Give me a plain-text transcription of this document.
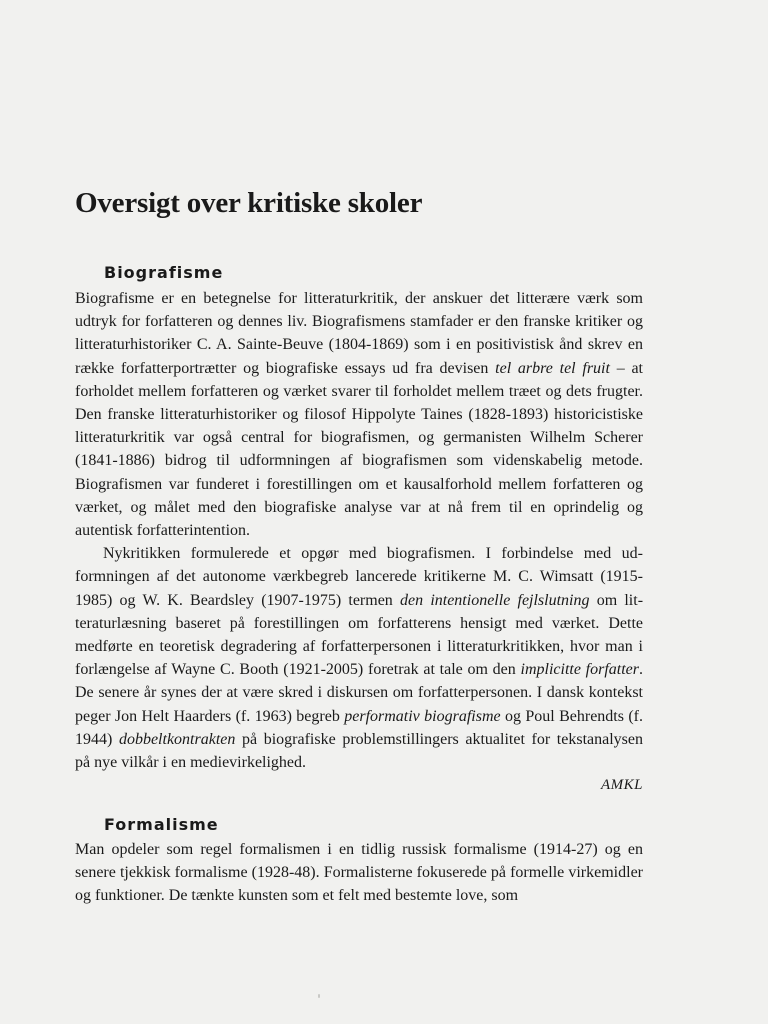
Oversigt over kritiske skoler
Biografisme

Biografisme er en betegnelse for litteraturkritik, der anskuer det litterære værk som udtryk for forfatteren og dennes liv. Biografismens stamfader er den franske kritiker og litteraturhistoriker C. A. Sainte-Beuve (1804-1869) som i en positivistisk ånd skrev en række forfatterportrætter og biografiske essays ud fra devisen tel arbre tel fruit – at forholdet mellem forfatteren og værket svarer til forholdet mellem træet og dets frugter. Den franske litteraturhistoriker og filosof Hippolyte Taines (1828-1893) historicistiske litteraturkritik var også central for biografismen, og germanisten Wilhelm Scherer (1841-1886) bidrog til udformningen af biografismen som videnskabelig metode. Biografismen var funderet i forestillingen om et kausalforhold mellem forfatteren og værket, og målet med den biografiske analyse var at nå frem til en oprindelig og autentisk forfatterintention.

Nykritikken formulerede et opgør med biografismen. I forbindelse med udformningen af det autonome værkbegreb lancerede kritikerne M. C. Wimsatt (1915-1985) og W. K. Beardsley (1907-1975) termen den intentionelle fejlslutning om litteraturlæsning baseret på forestillingen om forfatterens hensigt med værket. Dette medførte en teoretisk degradering af forfatterpersonen i litteraturkritikken, hvor man i forlængelse af Wayne C. Booth (1921-2005) foretrak at tale om den implicitte forfatter. De senere år synes der at være skred i diskursen om forfatterpersonen. I dansk kontekst peger Jon Helt Haarders (f. 1963) begreb performativ biografisme og Poul Behrendts (f. 1944) dobbeltkontrakten på biografiske problemstillingers aktualitet for tekstanalysen på nye vilkår i en medievirkelighed.

AMKL

Formalisme

Man opdeler som regel formalismen i en tidlig russisk formalisme (1914-27) og en senere tjekkisk formalisme (1928-48). Formalisterne fokuserede på formelle virkemidler og funktioner. De tænkte kunsten som et felt med bestemte love, som
